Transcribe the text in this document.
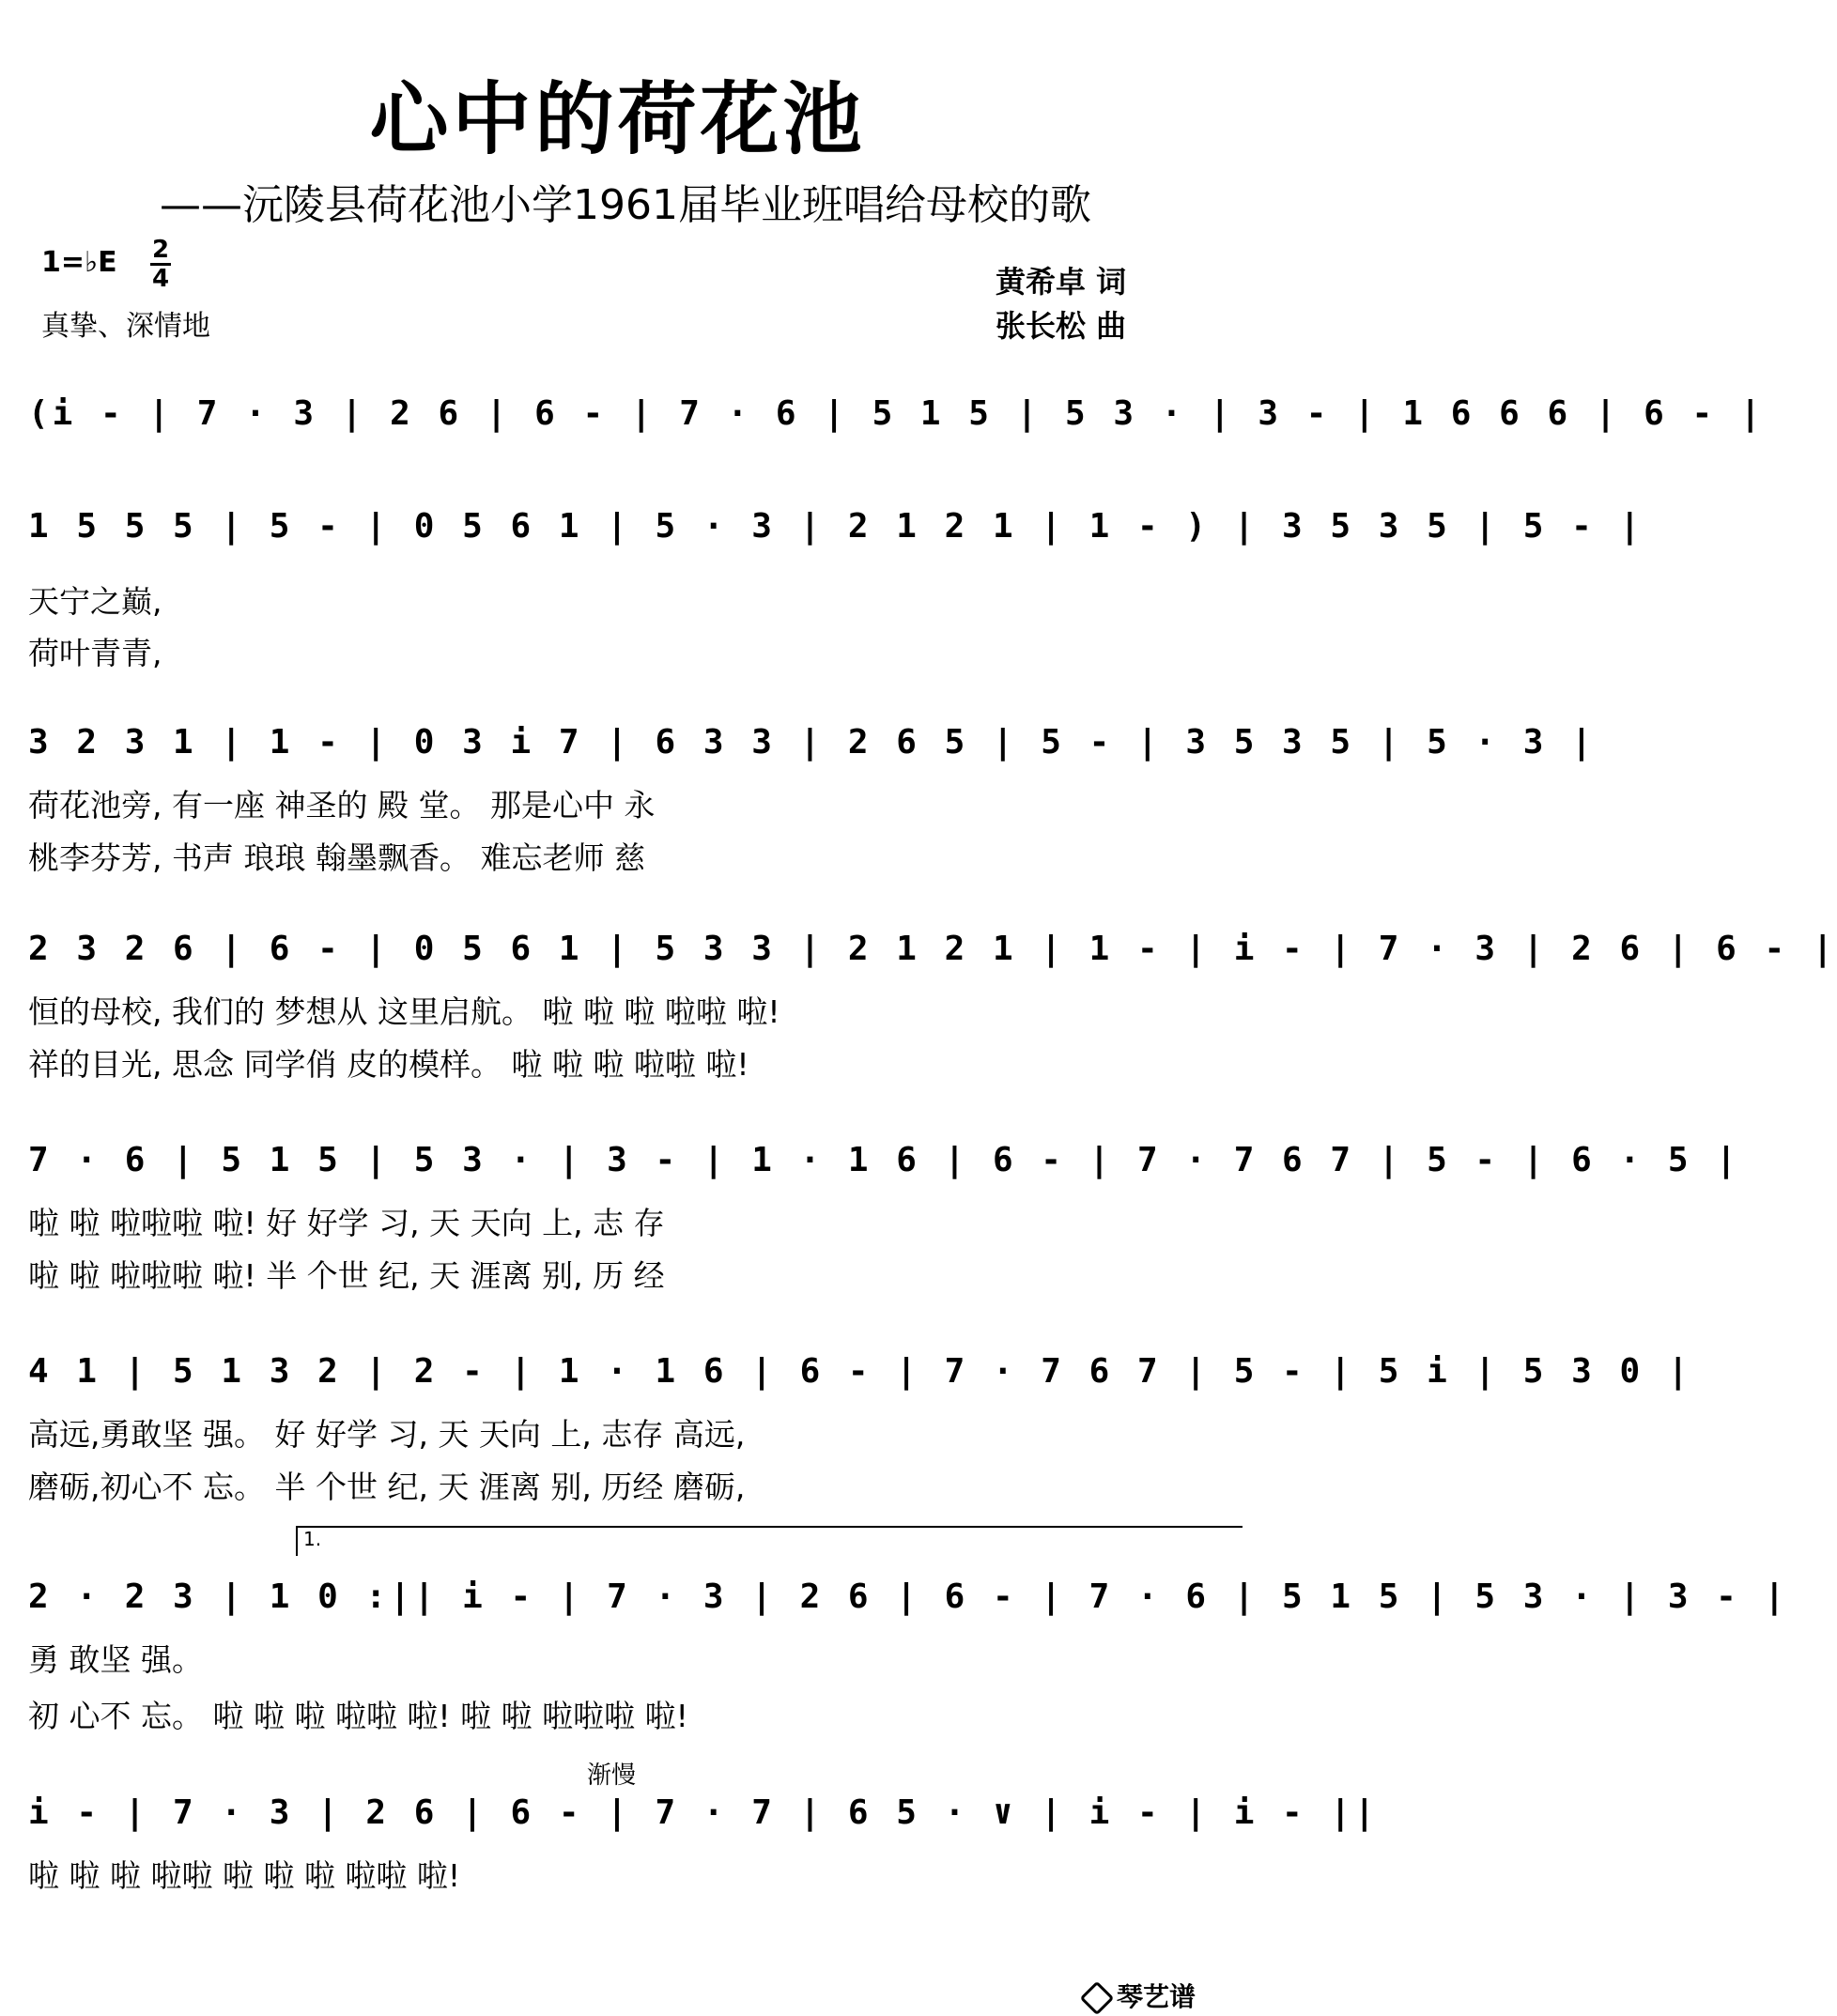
心中的荷花池
——沅陵县荷花池小学1961届毕业班唱给母校的歌
1=♭E 2
4
真挚、深情地
黄希卓 词
张长松 曲
(i - | 7 · 3 | 2 6 | 6 - | 7 · 6 | 5 1 5 | 5 3 · | 3 - | 1 6 6 6 | 6 - |
1 5 5 5 | 5 - | 0 5 6 1 | 5 · 3 | 2 1 2 1 | 1 - ) | 3 5 3 5 | 5 - |
天宁之巅,
荷叶青青,
3 2 3 1 | 1 - | 0 3 i 7 | 6 3 3 | 2 6 5 | 5 - | 3 5 3 5 | 5 · 3 |
荷花池旁, 有一座 神圣的 殿 堂。 那是心中 永
桃李芬芳, 书声 琅琅 翰墨飘香。 难忘老师 慈
2 3 2 6 | 6 - | 0 5 6 1 | 5 3 3 | 2 1 2 1 | 1 - | i - | 7 · 3 | 2 6 | 6 - |
恒的母校, 我们的 梦想从 这里启航。 啦 啦 啦 啦啦 啦!
祥的目光, 思念 同学俏 皮的模样。 啦 啦 啦 啦啦 啦!
7 · 6 | 5 1 5 | 5 3 · | 3 - | 1 · 1 6 | 6 - | 7 · 7 6 7 | 5 - | 6 · 5 |
啦 啦 啦啦啦 啦! 好 好学 习, 天 天向 上, 志 存
啦 啦 啦啦啦 啦! 半 个世 纪, 天 涯离 别, 历 经
4 1 | 5 1 3 2 | 2 - | 1 · 1 6 | 6 - | 7 · 7 6 7 | 5 - | 5 i | 5 3 0 |
高远,勇敢坚 强。 好 好学 习, 天 天向 上, 志存 高远,
磨砺,初心不 忘。 半 个世 纪, 天 涯离 别, 历经 磨砺,
1.
2 · 2 3 | 1 0 :|| i - | 7 · 3 | 2 6 | 6 - | 7 · 6 | 5 1 5 | 5 3 · | 3 - |
勇 敢坚 强。
初 心不 忘。 啦 啦 啦 啦啦 啦! 啦 啦 啦啦啦 啦!
渐慢
i - | 7 · 3 | 2 6 | 6 - | 7 · 7 | 6 5 · ∨ | i - | i - ||
啦 啦 啦 啦啦 啦 啦 啦 啦啦 啦!
琴艺谱
